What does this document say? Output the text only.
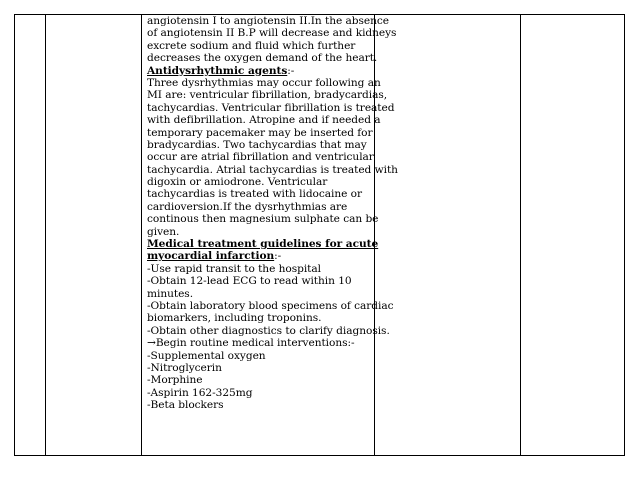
angiotensin I to angiotensin II.In the absence
of angiotensin II B.P will decrease and kidneys
excrete sodium and fluid which further
decreases the oxygen demand of the heart.
Antidysrhythmic agents:-
Three dysrhythmias may occur following an
MI are: ventricular fibrillation, bradycardias,
tachycardias. Ventricular fibrillation is treated
with defibrillation. Atropine and if needed a
temporary pacemaker may be inserted for
bradycardias. Two tachycardias that may
occur are atrial fibrillation and ventricular
tachycardia. Atrial tachycardias is treated with
digoxin or amiodrone. Ventricular
tachycardias is treated with lidocaine or
cardioversion.If the dysrhythmias are
continous then magnesium sulphate can be
given.
Medical treatment guidelines for acute
myocardial infarction:-
-Use rapid transit to the hospital
-Obtain 12-lead ECG to read within 10
minutes.
-Obtain laboratory blood specimens of cardiac
biomarkers, including troponins.
-Obtain other diagnostics to clarify diagnosis.
→Begin routine medical interventions:-
-Supplemental oxygen
-Nitroglycerin
-Morphine
-Aspirin 162-325mg
-Beta blockers
